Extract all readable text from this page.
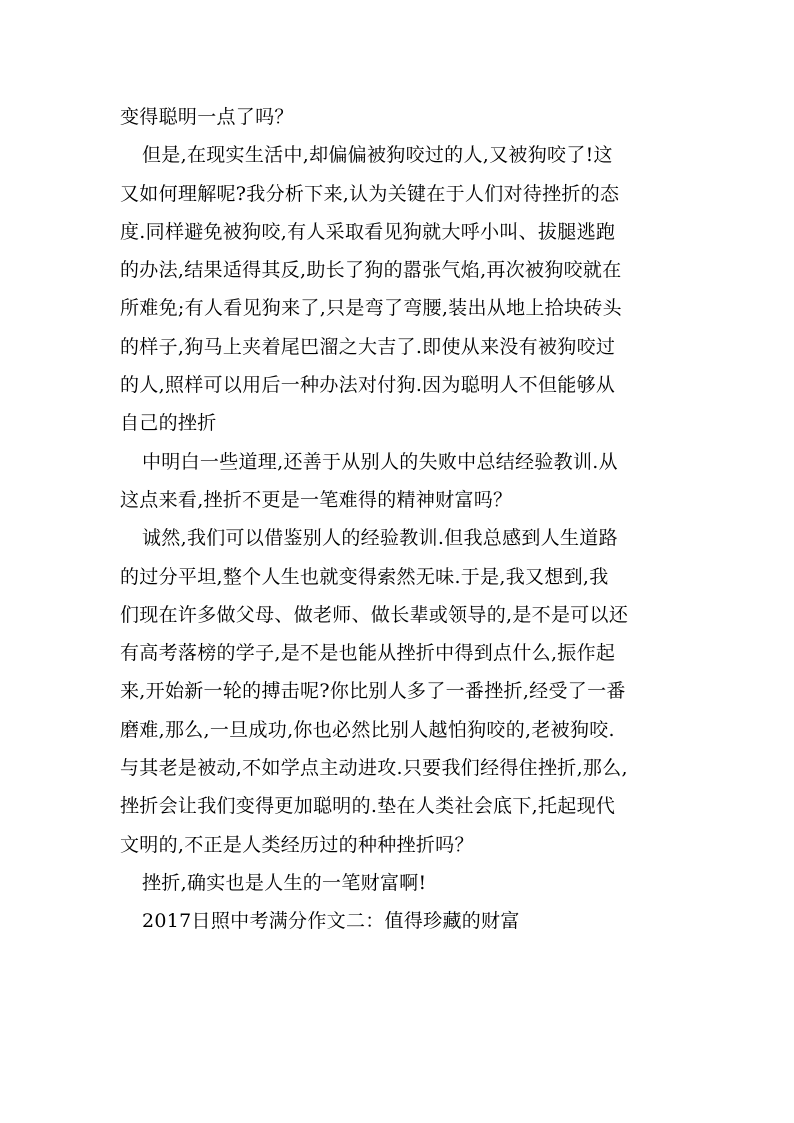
变得聪明一点了吗？
但是,在现实生活中,却偏偏被狗咬过的人,又被狗咬了!这
又如何理解呢?我分析下来,认为关键在于人们对待挫折的态
度.同样避免被狗咬,有人采取看见狗就大呼小叫、拔腿逃跑
的办法,结果适得其反,助长了狗的嚣张气焰,再次被狗咬就在
所难免;有人看见狗来了,只是弯了弯腰,装出从地上拾块砖头
的样子,狗马上夹着尾巴溜之大吉了.即使从来没有被狗咬过
的人,照样可以用后一种办法对付狗.因为聪明人不但能够从
自己的挫折
中明白一些道理,还善于从别人的失败中总结经验教训.从
这点来看,挫折不更是一笔难得的精神财富吗？
诚然,我们可以借鉴别人的经验教训.但我总感到人生道路
的过分平坦,整个人生也就变得索然无味.于是,我又想到,我
们现在许多做父母、做老师、做长辈或领导的,是不是可以还
有高考落榜的学子,是不是也能从挫折中得到点什么,振作起
来,开始新一轮的搏击呢?你比别人多了一番挫折,经受了一番
磨难,那么,一旦成功,你也必然比别人越怕狗咬的,老被狗咬.
与其老是被动,不如学点主动进攻.只要我们经得住挫折,那么,
挫折会让我们变得更加聪明的.垫在人类社会底下,托起现代
文明的,不正是人类经历过的种种挫折吗？
挫折,确实也是人生的一笔财富啊!
2017日照中考满分作文二：值得珍藏的财富
